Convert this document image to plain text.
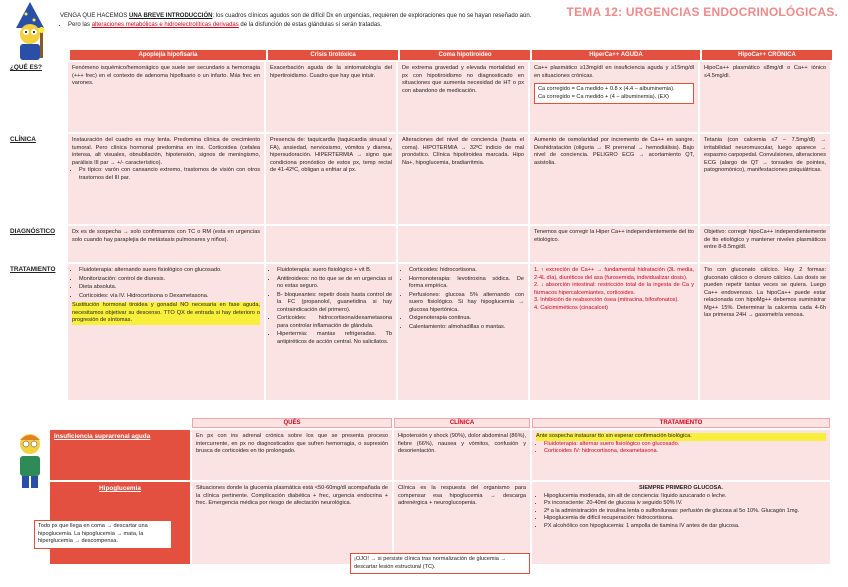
TEMA 12: URGENCIAS ENDOCRINOLÓGICAS.
VENGA QUE HACEMOS UNA BREVE INTRODUCCIÓN: los cuadros clínicos agudos son de difícil Dx en urgencias, requieren de exploraciones que no se hayan reseñado aún.
• Pero las alteraciones metabólicas e hidroelectrolíticas derivadas de la disfunción de estas glándulas sí serán tratadas.
Apoplejía hipofisaria	Crisis tirotóxica	Coma hipotiroideo	HiperCa++ AGUDA	HipoCa++ CRÓNICA
¿QUÉ ES?	Fenómeno isquémico/hemorrágico que suele ser secundario a hemorragia (+++ frec) en el contexto de adenoma hipofisario o un infarto. Más frec en varones.
Exacerbación aguda de la sintomatología del hipertiroidismo. Cuadro que hay que intuir.
De extrema gravedad y elevada mortalidad en px con hipotiroidismo no diagnosticado en situaciones que aumenta necesidad de HT o px con abandono de medicación.
Ca++ plasmático ≥13mg/dl en insuficiencia aguda y ≥15mg/dl en situaciones crónicas.
Ca corregido = Ca medido + 0.8 x (4.4 – albuminemia).
Ca corregido = Ca medido + (4 – albuminemia). (EX)
HipoCa++ plasmático ≤8mg/dl o Ca++ iónico ≤4.5mg/dl.
CLÍNICA	Instauración del cuadro es muy lenta. Predomina clínica de crecimiento tumoral. Pero clínica hormonal predomina en ins. Corticoidea (cefalea intensa, alt visuales, obnubilación, hipotensión, signos de meningismo, parálisis III par → +/- característico).
• Px típico: varón con cansancio extremo, trastornos de visión con otros trastornos del III par.
Presencia de: taquicardia (taquicardia sinusal y FA), ansiedad, nerviosismo, vómitos y diarrea, hipersudoración. HIPERTERMIA → signo que condiciona pronóstico de estos px, temp rectal de 41-42ºC, obligan a enfriar al px.
Alteraciones del nivel de conciencia (hasta el coma). HIPOTERMIA → 32ºC indicio de mal pronóstico. Clínica hipotiroidea marcada. Hipo Na+, hipoglucemia, bradiarritmia.
Aumento de osmolaridad por incremento de Ca++ en sangre. Deshidratación (oliguria → IR prerrenal → hemodiálisis). Bajo nivel de conciencia. PELIGRO ECG → acortamiento QT, asistolia.
Tetania (con calcemia ≤7 – 7.5mg/dl) → irritabilidad neuromuscular, luego aparece → espasmo carpopedal. Convulsiones, alteraciones ECG (alargo de QT → torsades de pointes, patognomónico), manifestaciones psiquiátricas.
DIAGNÓSTICO	Dx es de sospecha → solo confirmamos con TC o RM (esta en urgencias solo cuando hay paraplejia de metástasis pulmonares y niños).
Tenemos que corregir la Hiper Ca++ independientemente del tto etiológico.
Objetivo: corregir hipoCa++ independientemente de tto etiológico y mantener niveles plasmáticos entre 8-8.5mg/dl.
TRATAMIENTO
•	Fluidoterapia: alternando suero fisiológico con glucosado.
• Monitorización: control de diuresis.
• Dieta absoluta.
• Corticoides: vía IV. Hidrocortisona o Dexametasona.
Sustitución hormonal tiroidea y gonadal NO necesaria en fase aguda, necesitamos objetivar su descenso. TTO QX de entrada si hay deterioro o progresión de síntomas.
• Fluidoterapia: suero fisiológico + vit B.
• Antitiroideos: no tto que se de en urgencias si no estas seguro.
• B- bloqueantes: repetir dosis hasta control de la FC (propanolol, guanetidina si hay contraindicación del primero).
• Corticoides: hidrocortisona/dexametasona para controlar inflamación de glándula.
• Hipertermia: mantas refrigeradas. Tb antipiréticos de acción central. No salicilatos.
• Corticoides: hidrocortisona.
• Hormonoterapia: levotiroxina sódica. De forma empírica.
• Perfusiones: glucosa 5% alternando con suero fisiológico. Si hay hipoglucemia → glucosa hipertónica.
• Oxigenoterapia continua.
• Calentamiento: almohadillas o mantas.
1. ↑ excreción de Ca++ → fundamental hidratación (3L media, 2-4L día), diuréticos del asa (furosemida, individualizar dosis).
2. ↓ absorción intestinal: restricción total de la ingesta de Ca y fármacos hipercalcemiantes, corticoides.
3. Inhibición de reabsorción ósea (mitracina, bifosfonatos).
4. Calcimiméticos (cinacalcet)
Tto con gluconato cálcico. Hay 2 formas: gluconato cálcico o cloruro cálcico. Las dosis se pueden repetir tantas veces se quiera. Luego Ca++ endovenoso. La hipoCa++ puede estar relacionada con hipoMg++ debemos suministrar Mg++ 15%. Determinar la calcemia cada 4-6h las primeras 24H → gasometría venosa.
QUÉS	CLÍNICA	TRATAMIENTO
Insuficiencia suprarrenal aguda	En px con ins adrenal crónica sobre los que se presenta proceso intercurrente, en px no diagnosticados que sufren hemorragia, o supresión brusca de corticoides en tto prolongado.
Hipotensión y shock (90%), dolor abdominal (86%), fiebre (66%), nausea y vómitos, confusión y desorientación.
Ante sospecha instaurar tto sin esperar confirmación biológica.
• Fluidoterapia: alternar suero fisiológico con glucosado.
• Corticoides IV: hidrocortisona, dexametasona.
Hipoglucemia	Situaciones donde la glucemia plasmática está <50-60mg/dl acompañada de la clínica pertinente. Complicación diabética + frec, urgencia endocrina + frec. Emergencia médica por riesgo de afectación neurológica.
Clínica es la respuesta del organismo para compensar esa hipoglucemia → descarga adrenérgica + neuroglucopenia.
SIEMPRE PRIMERO GLUCOSA.
• Hipoglucemia moderada, sin alt de conciencia: líquido azucarado o leche.
• Px inconsciente: 20-40ml de glucosa iv seguido 50% IV.
• 2ª a la administración de insulina lenta o sulfonilureas: perfusión de glucosa al 5o 10%. Glucagón 1mg.
• Hipoglucemia de difícil recuperación: hidrocortisona.
• PX alcohólico con hipoglucemia: 1 ampolla de tiamina IV antes de dar glucosa.
Todo px que llega en coma → descartar una hipoglucemia. La hipoglucemia → mata, la hiperglucemia → descompensa.
¡OJO! → si persiste clínica tras normalización de glucemia → descartar lesión estructural (TC).
